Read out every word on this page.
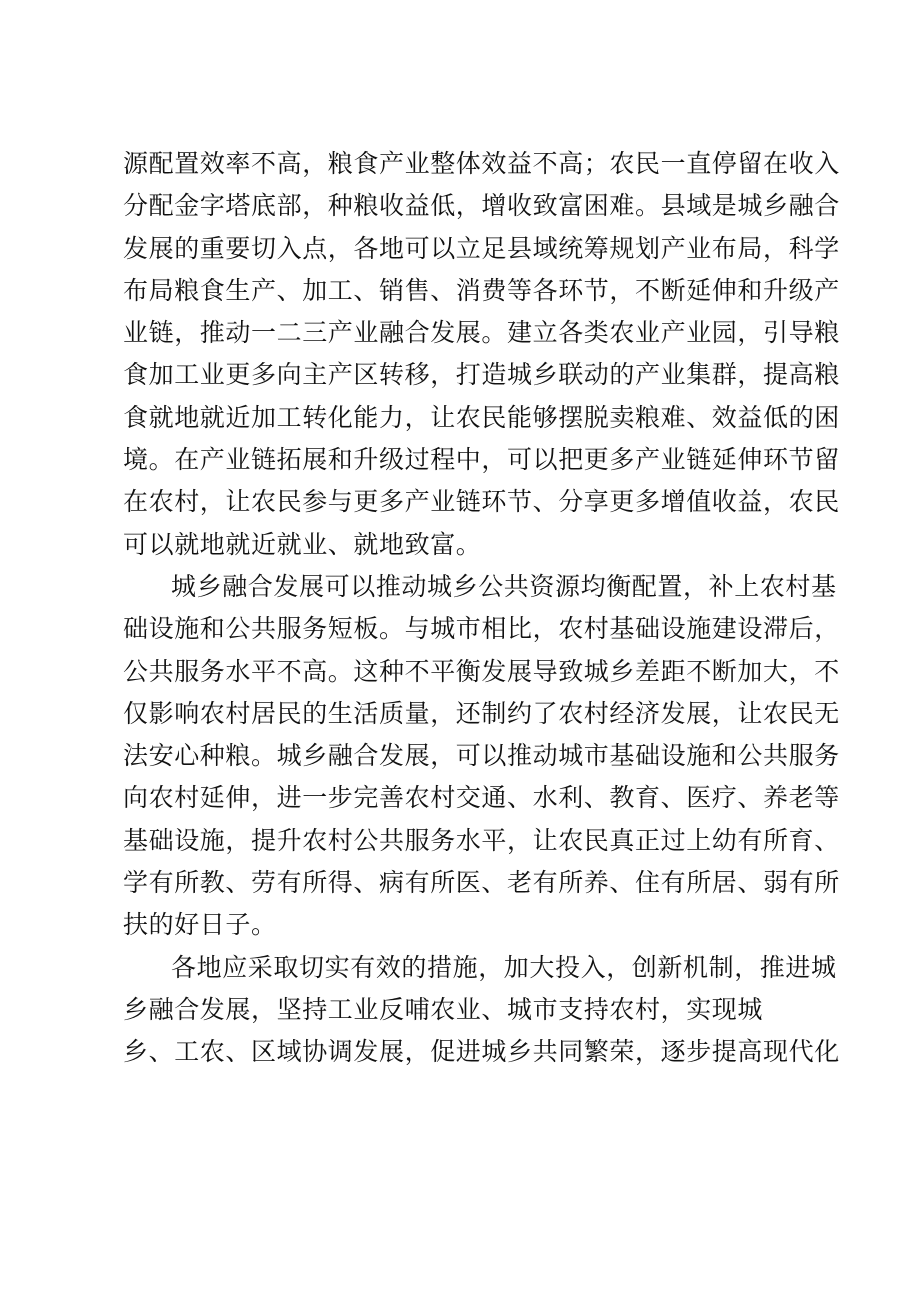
源配置效率不高，粮食产业整体效益不高；农民一直停留在收入
分配金字塔底部，种粮收益低，增收致富困难。县域是城乡融合
发展的重要切入点，各地可以立足县域统筹规划产业布局，科学
布局粮食生产、加工、销售、消费等各环节，不断延伸和升级产
业链，推动一二三产业融合发展。建立各类农业产业园，引导粮
食加工业更多向主产区转移，打造城乡联动的产业集群，提高粮
食就地就近加工转化能力，让农民能够摆脱卖粮难、效益低的困
境。在产业链拓展和升级过程中，可以把更多产业链延伸环节留
在农村，让农民参与更多产业链环节、分享更多增值收益，农民
可以就地就近就业、就地致富。
城乡融合发展可以推动城乡公共资源均衡配置，补上农村基
础设施和公共服务短板。与城市相比，农村基础设施建设滞后，
公共服务水平不高。这种不平衡发展导致城乡差距不断加大，不
仅影响农村居民的生活质量，还制约了农村经济发展，让农民无
法安心种粮。城乡融合发展，可以推动城市基础设施和公共服务
向农村延伸，进一步完善农村交通、水利、教育、医疗、养老等
基础设施，提升农村公共服务水平，让农民真正过上幼有所育、
学有所教、劳有所得、病有所医、老有所养、住有所居、弱有所
扶的好日子。
各地应采取切实有效的措施，加大投入，创新机制，推进城
乡融合发展，坚持工业反哺农业、城市支持农村，实现城
乡、工农、区域协调发展，促进城乡共同繁荣，逐步提高现代化
